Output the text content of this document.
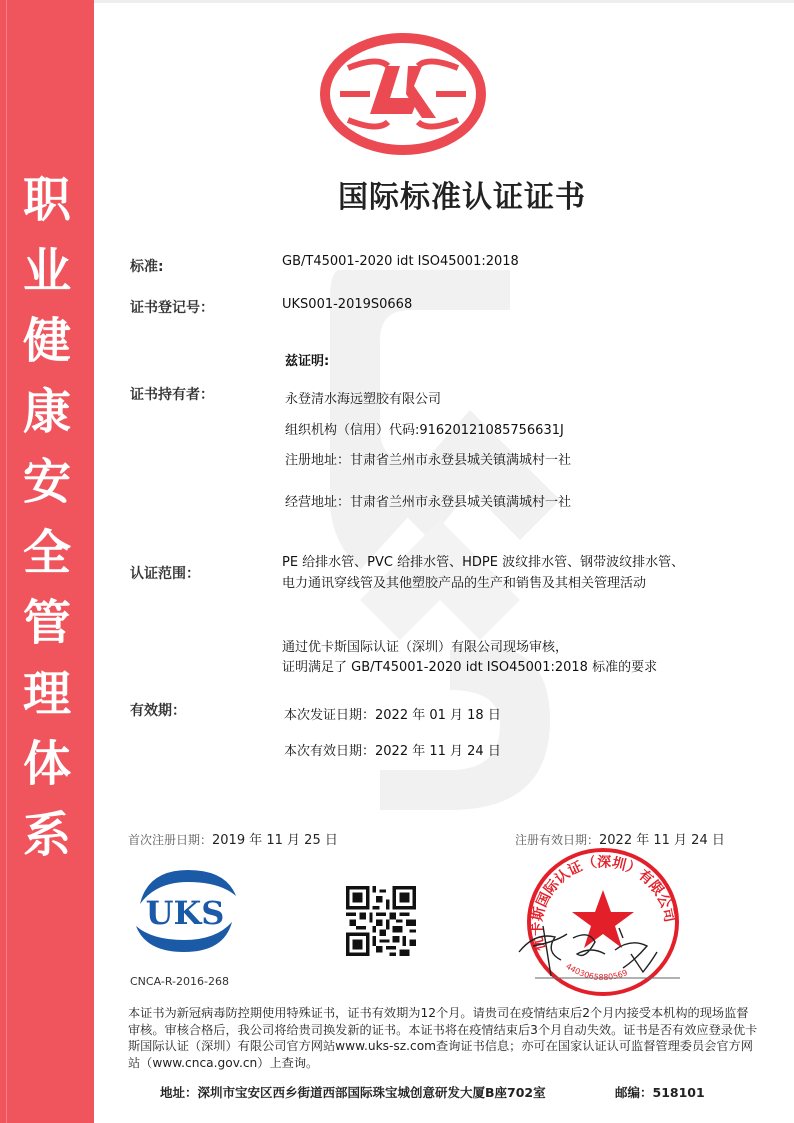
职
业
健
康
安
全
管
理
体
系
国际标准认证证书
标准:	GB/T45001-2020 idt ISO45001:2018
证书登记号：	UKS001-2019S0668
兹证明:
证书持有者：	永登清水海远塑胶有限公司
组织机构（信用）代码:91620121085756631J
注册地址：甘肃省兰州市永登县城关镇满城村一社
经营地址：甘肃省兰州市永登县城关镇满城村一社
认证范围：
PE 给排水管、PVC 给排水管、HDPE 波纹排水管、钢带波纹排水管、
电力通讯穿线管及其他塑胶产品的生产和销售及其相关管理活动
通过优卡斯国际认证（深圳）有限公司现场审核，
证明满足了 GB/T45001-2020 idt ISO45001:2018 标准的要求
有效期：	本次发证日期：2022 年 01 月 18 日
本次有效日期：2022 年 11 月 24 日
首次注册日期：2019 年 11 月 25 日	注册有效日期：2022 年 11 月 24 日
UKS
CNCA-R-2016-268
优卡斯国际认证（深圳）有限公司
4403065880569
本证书为新冠病毒防控期使用特殊证书，证书有效期为12个月。请贵司在疫情结束后2个月内接受本机构的现场监督审核。审核合格后，我公司将给贵司换发新的证书。本证书将在疫情结束后3个月自动失效。证书是否有效应登录优卡斯国际认证（深圳）有限公司官方网站www.uks-sz.com查询证书信息；亦可在国家认证认可监督管理委员会官方网站（www.cnca.gov.cn）上查询。
地址：深圳市宝安区西乡街道西部国际珠宝城创意研发大厦B座702室	邮编：518101
